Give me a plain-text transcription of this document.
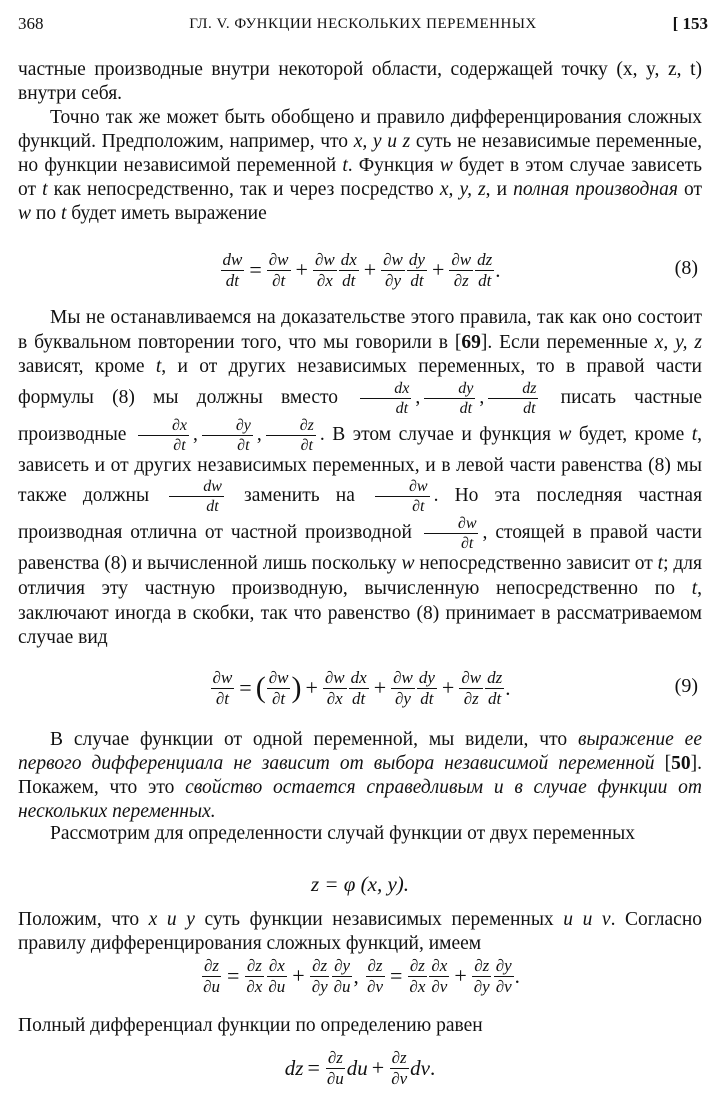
368	ГЛ. V. ФУНКЦИИ НЕСКОЛЬКИХ ПЕРЕМЕННЫХ	[ 153
частные производные внутри некоторой области, содержащей точку (x, y, z, t) внутри себя.
Точно так же может быть обобщено и правило дифференцирования сложных функций. Предположим, например, что x, y и z суть не независимые переменные, но функции независимой переменной t. Функция w будет в этом случае зависеть от t как непосредственно, так и через посредство x, y, z, и полная производная от w по t будет иметь выражение
$\frac{dw}{dt} = \frac{\partial w}{\partial t} + \frac{\partial w}{\partial x} \frac{dx}{dt} + \frac{\partial w}{\partial y} \frac{dy}{dt} + \frac{\partial w}{\partial z} \frac{dz}{dt}$ .	(8)
Мы не останавливаемся на доказательстве этого правила, так как оно состоит в буквальном повторении того, что мы говорили в [69]. Если переменные x, y, z зависят, кроме t, и от других независимых переменных, то в правой части формулы (8) мы должны вместо $\frac{dx}{dt}$ , $\frac{dy}{dt}$ , $\frac{dz}{dt}$ писать частные производные $\frac{\partial x}{\partial t}$ , $\frac{\partial y}{\partial t}$ , $\frac{\partial z}{\partial t}$ . В этом случае и функция w будет, кроме t, зависеть и от других независимых переменных, и в левой части равенства (8) мы также должны $\frac{dw}{dt}$ заменить на $\frac{\partial w}{\partial t}$ . Но эта последняя частная производная отлична от частной производной $\frac{\partial w}{\partial t}$ , стоящей в правой части равенства (8) и вычисленной лишь поскольку w непосредственно зависит от t; для отличия эту частную производную, вычисленную непосредственно по t, заключают иногда в скобки, так что равенство (8) принимает в рассматриваемом случае вид
$\frac{\partial w}{\partial t}$ = ( $\frac{\partial w}{\partial t}$ ) + $\frac{\partial w}{\partial x} \frac{dx}{dt} + \frac{\partial w}{\partial y} \frac{dy}{dt} + \frac{\partial w}{\partial z} \frac{dz}{dt}$ .	(9)
В случае функции от одной переменной, мы видели, что выражение ее первого дифференциала не зависит от выбора независимой переменной [50]. Покажем, что это свойство остается справедливым и в случае функции от нескольких переменных.
Рассмотрим для определенности случай функции от двух переменных
z = φ (x, y).
Положим, что x и y суть функции независимых переменных u и v. Согласно правилу дифференцирования сложных функций, имеем
$\frac{\partial z}{\partial u} = \frac{\partial z}{\partial x} \frac{\partial x}{\partial u} + \frac{\partial z}{\partial y} \frac{\partial y}{\partial u}$ , $\frac{\partial z}{\partial v} = \frac{\partial z}{\partial x} \frac{\partial x}{\partial v} + \frac{\partial z}{\partial y} \frac{\partial y}{\partial v}$ .
Полный дифференциал функции по определению равен
dz = $\frac{\partial z}{\partial u}$ du + $\frac{\partial z}{\partial v}$ dv .
